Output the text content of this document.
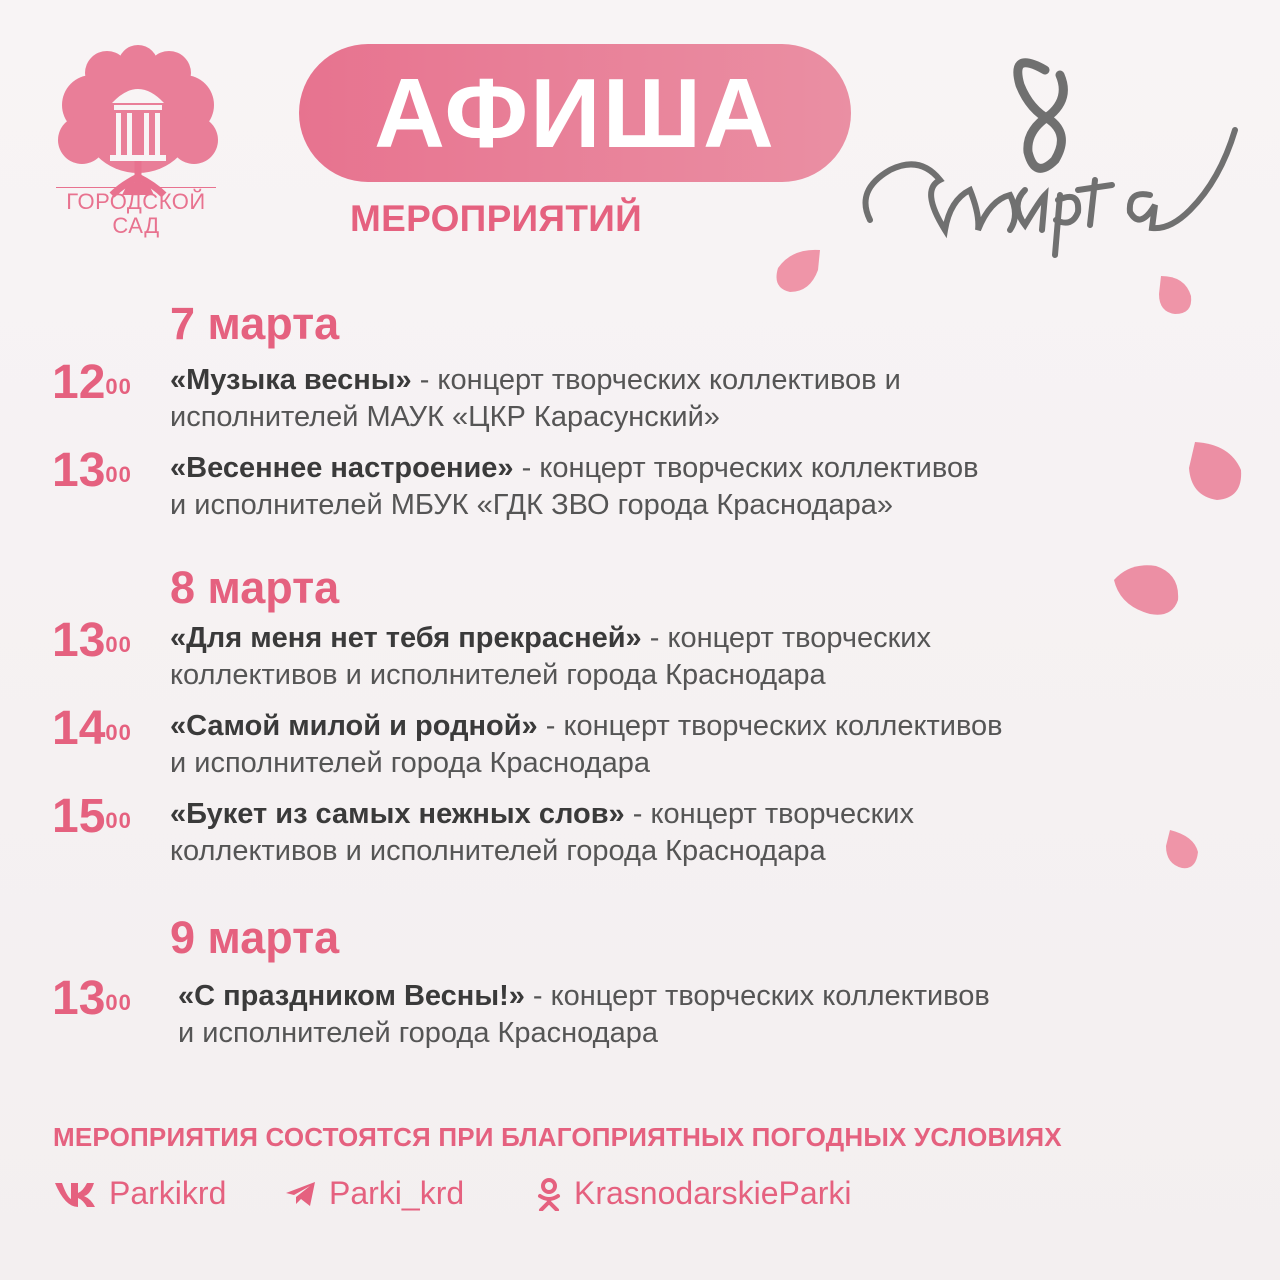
ГОРОДСКОЙ
САД
АФИША
МЕРОПРИЯТИЙ
7 марта
$12^{00}$ «Музыка весны» - концерт творческих коллективов и
исполнителей МАУК «ЦКР Карасунский»
$13^{00}$ «Весеннее настроение» - концерт творческих коллективов
и исполнителей МБУК «ГДК ЗВО города Краснодара»
8 марта
$13^{00}$ «Для меня нет тебя прекрасней» - концерт творческих
коллективов и исполнителей города Краснодара
$14^{00}$ «Самой милой и родной» - концерт творческих коллективов
и исполнителей города Краснодара
$15^{00}$ «Букет из самых нежных слов» - концерт творческих
коллективов и исполнителей города Краснодара
9 марта
$13^{00}$ «С праздником Весны!» - концерт творческих коллективов
и исполнителей города Краснодара
МЕРОПРИЯТИЯ СОСТОЯТСЯ ПРИ БЛАГОПРИЯТНЫХ ПОГОДНЫХ УСЛОВИЯХ
Parkikrd	Parki_krd	KrasnodarskieParki
